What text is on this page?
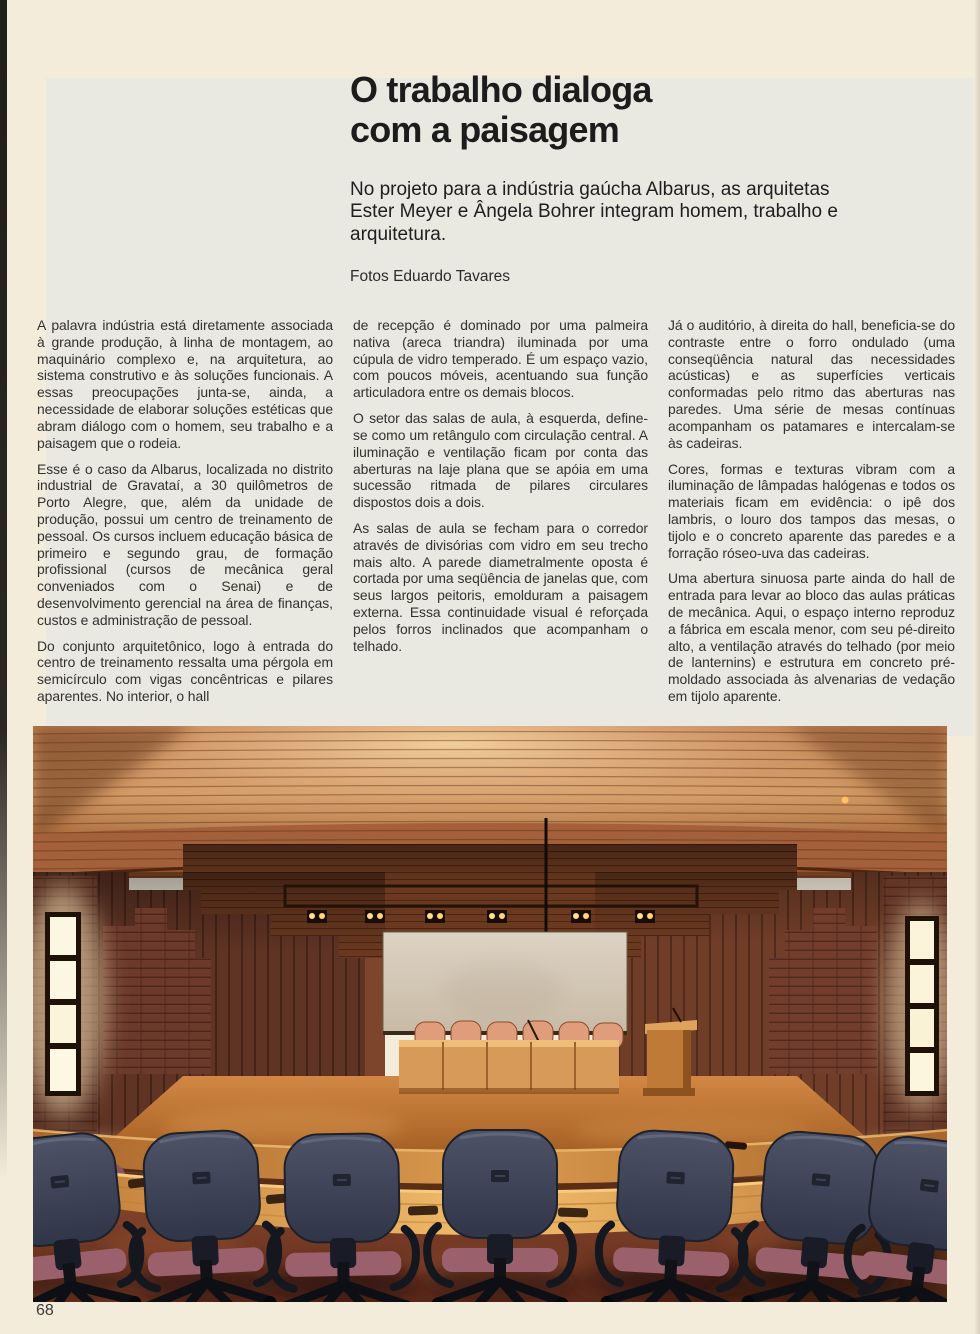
O trabalho dialoga
com a paisagem

No projeto para a indústria gaúcha Albarus, as arquitetas Ester Meyer e Ângela Bohrer integram homem, trabalho e arquitetura.

Fotos Eduardo Tavares

A palavra indústria está diretamente associada à grande produção, à linha de montagem, ao maquinário complexo e, na arquitetura, ao sistema construtivo e às soluções funcionais. A essas preocupações junta-se, ainda, a necessidade de elaborar soluções estéticas que abram diálogo com o homem, seu trabalho e a paisagem que o rodeia.

Esse é o caso da Albarus, localizada no distrito industrial de Gravataí, a 30 quilômetros de Porto Alegre, que, além da unidade de produção, possui um centro de treinamento de pessoal. Os cursos incluem educação básica de primeiro e segundo grau, de formação profissional (cursos de mecânica geral conveniados com o Senai) e de desenvolvimento gerencial na área de finanças, custos e administração de pessoal.

Do conjunto arquitetônico, logo à entrada do centro de treinamento ressalta uma pérgola em semicírculo com vigas concêntricas e pilares aparentes. No interior, o hall

de recepção é dominado por uma palmeira nativa (areca triandra) iluminada por uma cúpula de vidro temperado. É um espaço vazio, com poucos móveis, acentuando sua função articuladora entre os demais blocos.

O setor das salas de aula, à esquerda, define-se como um retângulo com circulação central. A iluminação e ventilação ficam por conta das aberturas na laje plana que se apóia em uma sucessão ritmada de pilares circulares dispostos dois a dois.

As salas de aula se fecham para o corredor através de divisórias com vidro em seu trecho mais alto. A parede diametralmente oposta é cortada por uma seqüência de janelas que, com seus largos peitoris, emolduram a paisagem externa. Essa continuidade visual é reforçada pelos forros inclinados que acompanham o telhado.

Já o auditório, à direita do hall, beneficia-se do contraste entre o forro ondulado (uma conseqüência natural das necessidades acústicas) e as superfícies verticais conformadas pelo ritmo das aberturas nas paredes. Uma série de mesas contínuas acompanham os patamares e intercalam-se às cadeiras.

Cores, formas e texturas vibram com a iluminação de lâmpadas halógenas e todos os materiais ficam em evidência: o ipê dos lambris, o louro dos tampos das mesas, o tijolo e o concreto aparente das paredes e a forração róseo-uva das cadeiras.

Uma abertura sinuosa parte ainda do hall de entrada para levar ao bloco das aulas práticas de mecânica. Aqui, o espaço interno reproduz a fábrica em escala menor, com seu pé-direito alto, a ventilação através do telhado (por meio de lanternins) e estrutura em concreto pré-moldado associada às alvenarias de vedação em tijolo aparente.

68
